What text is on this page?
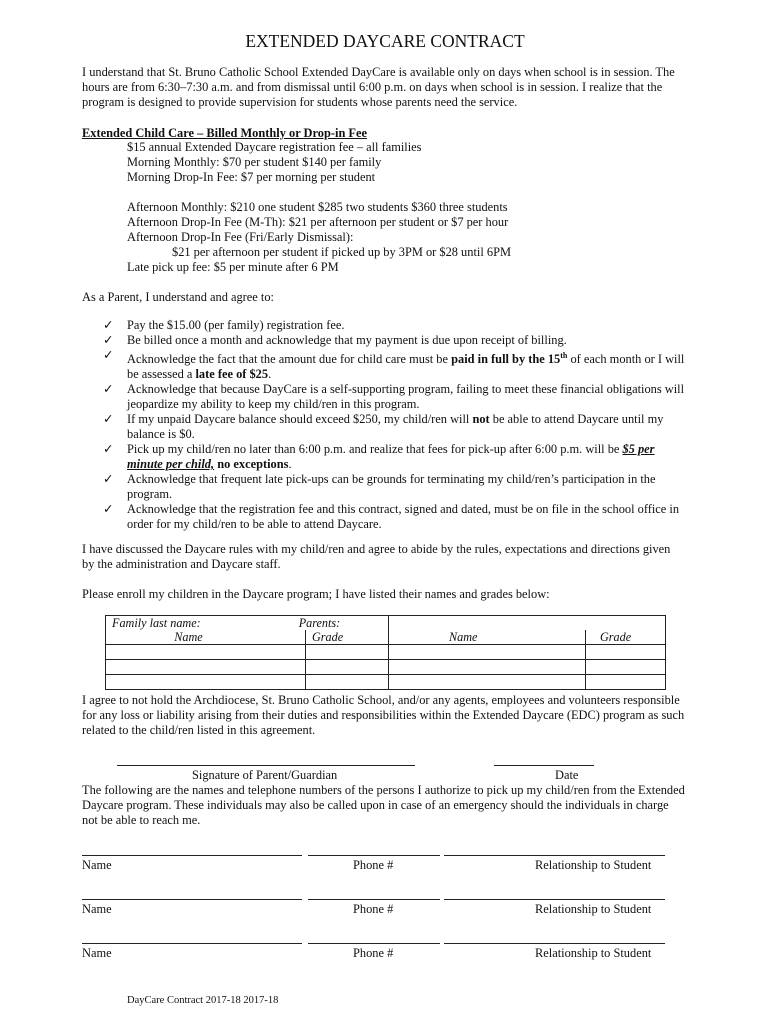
EXTENDED DAYCARE CONTRACT
I understand that St. Bruno Catholic School Extended DayCare is available only on days when school is in session. The
hours are from 6:30–7:30 a.m. and from dismissal until 6:00 p.m. on days when school is in session. I realize that the
program is designed to provide supervision for students whose parents need the service.
Extended Child Care – Billed Monthly or Drop-in Fee
$15 annual Extended Daycare registration fee – all families
Morning Monthly: $70 per student $140 per family
Morning Drop-In Fee: $7 per morning per student
Afternoon Monthly: $210 one student $285 two students $360 three students
Afternoon Drop-In Fee (M-Th): $21 per afternoon per student or $7 per hour
Afternoon Drop-In Fee (Fri/Early Dismissal):
$21 per afternoon per student if picked up by 3PM or $28 until 6PM
Late pick up fee: $5 per minute after 6 PM
As a Parent, I understand and agree to:
✓ Pay the $15.00 (per family) registration fee.
✓ Be billed once a month and acknowledge that my payment is due upon receipt of billing.
✓ Acknowledge the fact that the amount due for child care must be paid in full by the 15th of each month or I will be assessed a late fee of $25.
✓ Acknowledge that because DayCare is a self-supporting program, failing to meet these financial obligations will jeopardize my ability to keep my child/ren in this program.
✓ If my unpaid Daycare balance should exceed $250, my child/ren will not be able to attend Daycare until my balance is $0.
✓ Pick up my child/ren no later than 6:00 p.m. and realize that fees for pick-up after 6:00 p.m. will be $5 per minute per child, no exceptions.
✓ Acknowledge that frequent late pick-ups can be grounds for terminating my child/ren’s participation in the program.
✓ Acknowledge that the registration fee and this contract, signed and dated, must be on file in the school office in order for my child/ren to be able to attend Daycare.
I have discussed the Daycare rules with my child/ren and agree to abide by the rules, expectations and directions given
by the administration and Daycare staff.
Please enroll my children in the Daycare program; I have listed their names and grades below:
Family last name: Parents:			
Name	Grade	Name	Grade

I agree to not hold the Archdiocese, St. Bruno Catholic School, and/or any agents, employees and volunteers responsible
for any loss or liability arising from their duties and responsibilities within the Extended Daycare (EDC) program as such
related to the child/ren listed in this agreement.
Signature of Parent/Guardian	Date
The following are the names and telephone numbers of the persons I authorize to pick up my child/ren from the Extended
Daycare program. These individuals may also be called upon in case of an emergency should the individuals in charge
not be able to reach me.
Name	Phone #	Relationship to Student
Name	Phone #	Relationship to Student
Name	Phone #	Relationship to Student
DayCare Contract 2017-18 2017-18
